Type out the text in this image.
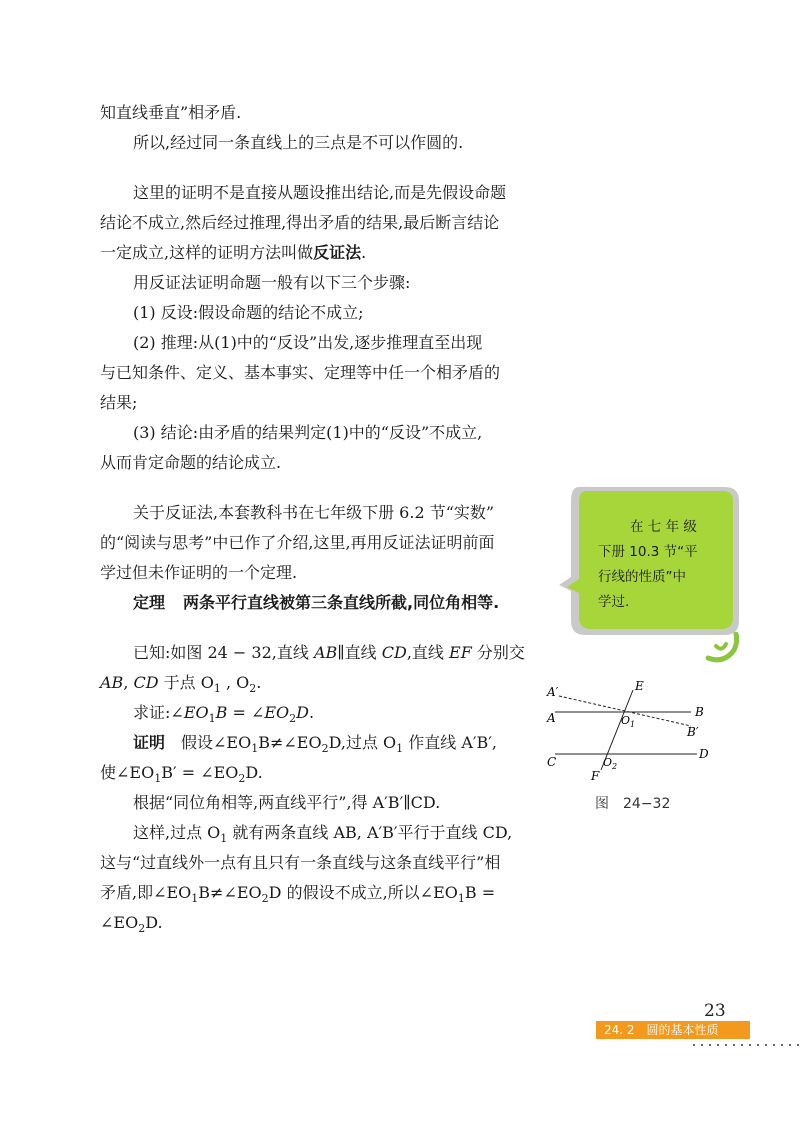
知直线垂直”相矛盾.
所以,经过同一条直线上的三点是不可以作圆的.
这里的证明不是直接从题设推出结论,而是先假设命题
结论不成立,然后经过推理,得出矛盾的结果,最后断言结论
一定成立,这样的证明方法叫做反证法.
用反证法证明命题一般有以下三个步骤:
(1) 反设:假设命题的结论不成立;
(2) 推理:从(1)中的“反设”出发,逐步推理直至出现
与已知条件、定义、基本事实、定理等中任一个相矛盾的
结果;
(3) 结论:由矛盾的结果判定(1)中的“反设”不成立,
从而肯定命题的结论成立.
关于反证法,本套教科书在七年级下册 6.2 节“实数”
的“阅读与思考”中已作了介绍,这里,再用反证法证明前面
学过但未作证明的一个定理.
定理 两条平行直线被第三条直线所截,同位角相等.
已知:如图 24 − 32,直线 AB∥直线 CD,直线 EF 分别交
AB, CD 于点 $O_1$ , $O_2$.
求证$:\angle EO_1B$ = $\angle EO_2D$.
证明 假设$\angle EO_1B\ne\angle EO_2D$,过点 $O_1$ 作直线 A′B′,
使$\angle EO_1B'$ = $\angle EO_2D$.
根据“同位角相等,两直线平行”,得 A′B′∥CD.
这样,过点 $O_1$ 就有两条直线 AB, A′B′平行于直线 CD,
这与“过直线外一点有且只有一条直线与这条直线平行”相
矛盾,即$\angle EO_1B\ne\angle EO_2D$ 的假设不成立,所以$\angle EO_1B$ =
$\angle EO_2D$.
在 七 年 级
下册 10.3 节“平
行线的性质”中
学过.
A′	E
A	$O_1$
B
B′
C	$O_2$
D
F
图　24−32
23
24. 2　圆的基本性质
